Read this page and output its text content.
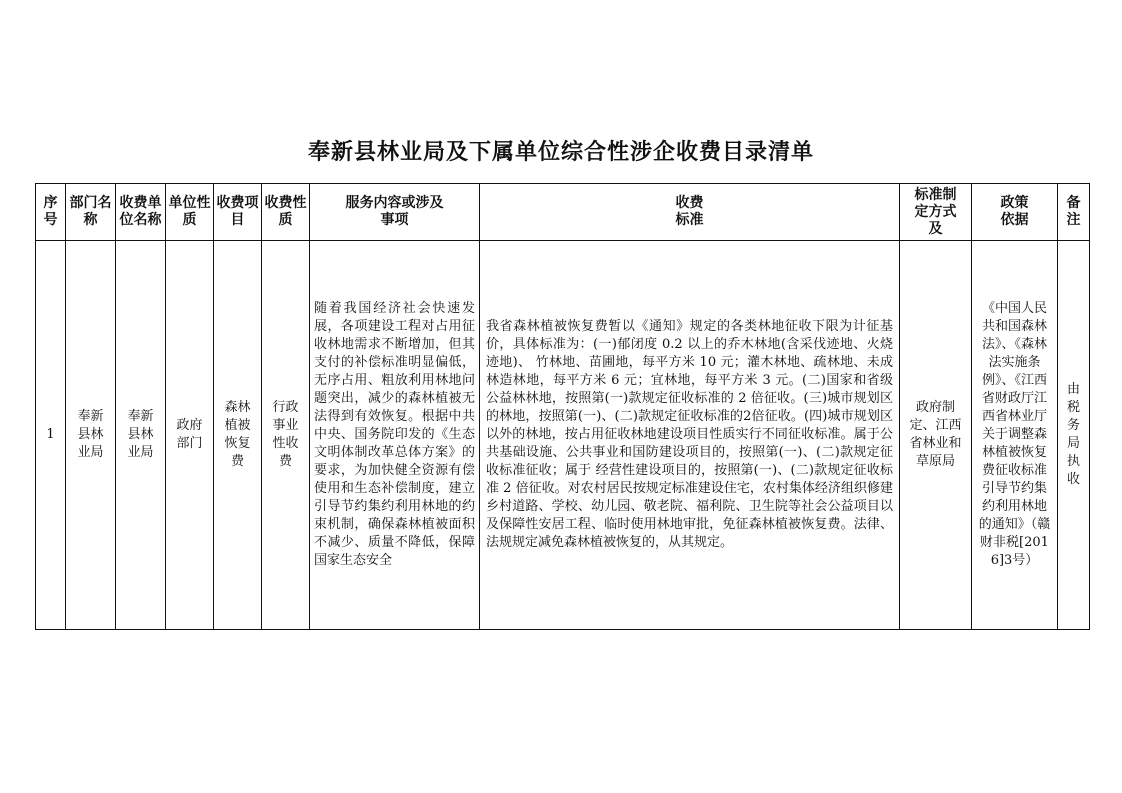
奉新县林业局及下属单位综合性涉企收费目录清单
序号	部门名称	收费单位名称	单位性质	收费项目	收费性质	服务内容或涉及事项	收费标准	标准制定方式及	政策依据	备注
1	奉新县林业局	奉新县林业局	政府部门	森林植被恢复费	行政事业性收费	随着我国经济社会快速发展，各项建设工程对占用征收林地需求不断增加，但其支付的补偿标准明显偏低，无序占用、粗放利用林地问题突出，减少的森林植被无法得到有效恢复。根据中共中央、国务院印发的《生态文明体制改革总体方案》的要求，为加快健全资源有偿 使用和生态补偿制度，建立引导节约集约利用林地的约束机制，确保森林植被面积不减少、质量不降低，保障国家生态安全	我省森林植被恢复费暂以《通知》规定的各类林地征收下限为计征基价，具体标准为：(一)郁闭度 0.2 以上的乔木林地(含采伐迹地、火烧迹地)、 竹林地、苗圃地，每平方米 10 元；灌木林地、疏林地、未成林造林地，每平方米 6 元；宜林地，每平方米 3 元。(二)国家和省级公益林林地，按照第(一)款规定征收标准的 2 倍征收。(三)城市规划区的林地，按照第(一)、(二)款规定征收标准的2倍征收。(四)城市规划区以外的林地，按占用征收林地建设项目性质实行不同征收标准。属于公共基础设施、公共事业和国防建设项目的，按照第(一)、(二)款规定征收标准征收；属于 经营性建设项目的，按照第(一)、(二)款规定征收标准 2 倍征收。对农村居民按规定标准建设住宅，农村集体经济组织修建乡村道路、学校、幼儿园、敬老院、福利院、卫生院等社会公益项目以及保障性安居工程、临时使用林地审批，免征森林植被恢复费。法律、法规规定减免森林植被恢复的，从其规定。	政府制定、江西省林业和草原局	《中国人民共和国森林法》、《森林法实施条例》、《江西省财政厅江西省林业厅关于调整森林植被恢复费征收标准引导节约集约利用林地的通知》（赣财非税[2016]3号）	由税务局执收
